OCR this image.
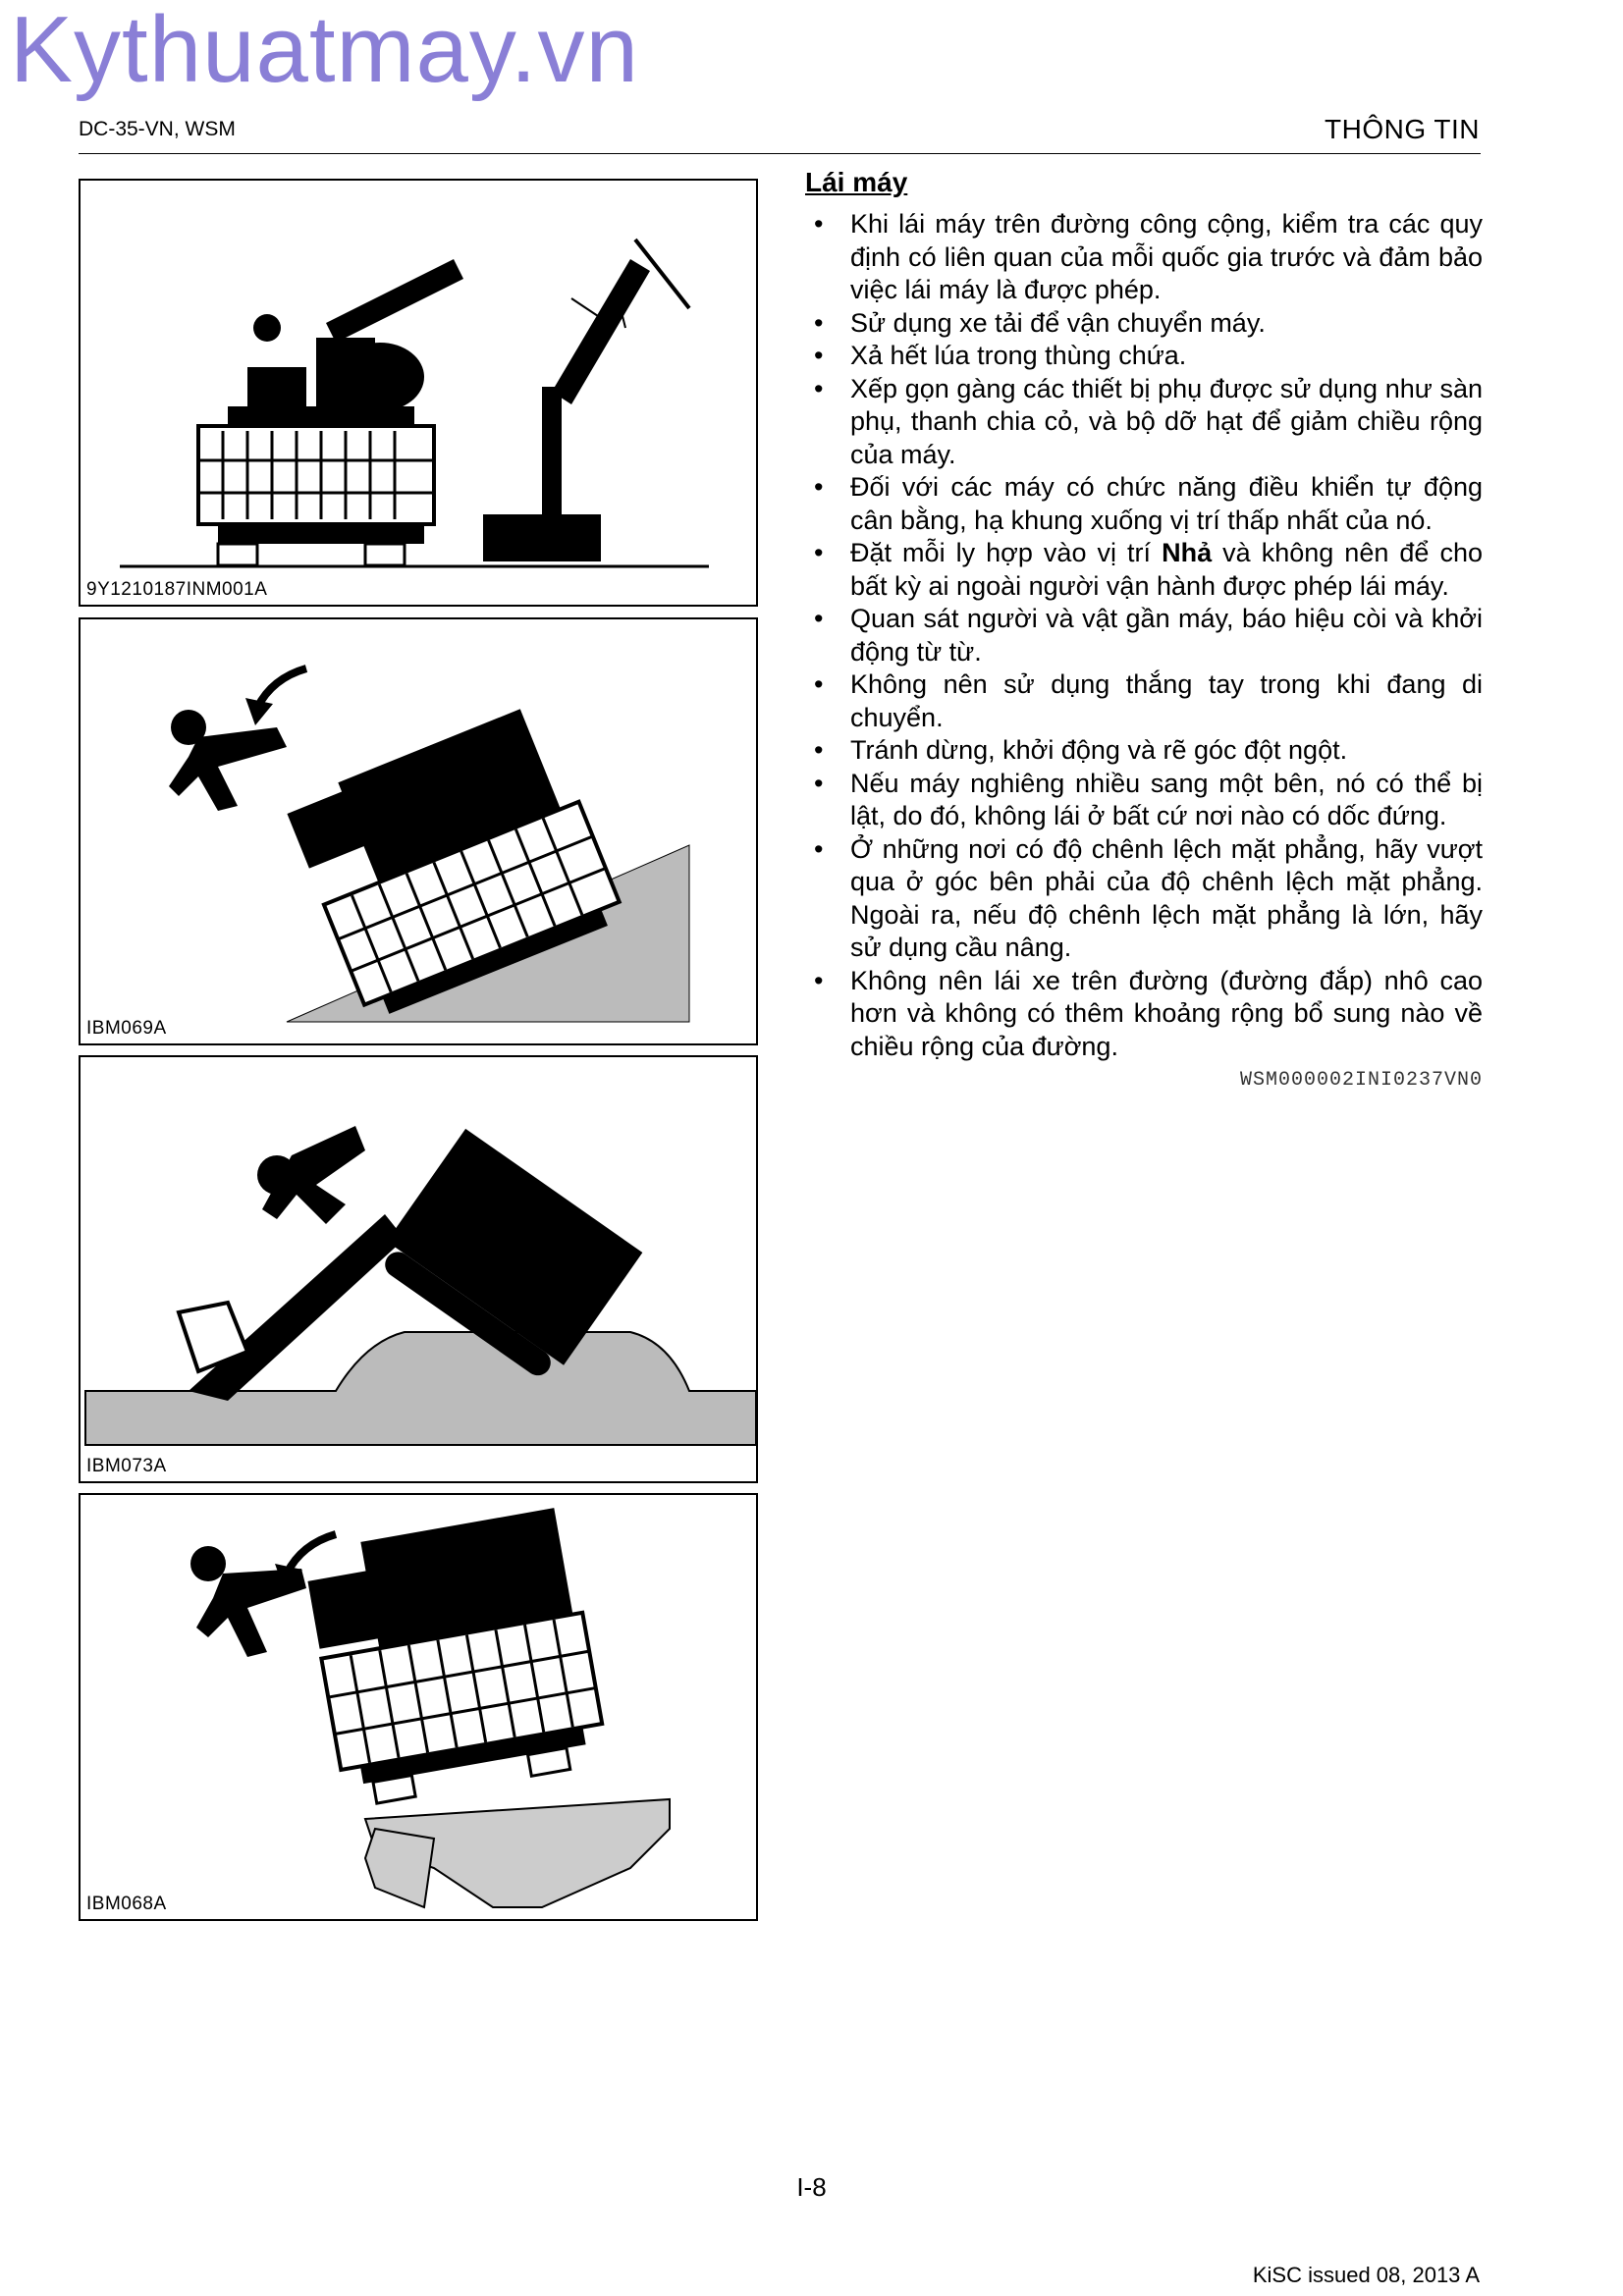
Kythuatmay.vn
DC-35-VN, WSM	THÔNG TIN
9Y1210187INM001A
IBM069A
IBM073A
IBM068A
Lái máy
• Khi lái máy trên đường công cộng, kiểm tra các quy định có liên quan của mỗi quốc gia trước và đảm bảo việc lái máy là được phép.
• Sử dụng xe tải để vận chuyển máy.
• Xả hết lúa trong thùng chứa.
• Xếp gọn gàng các thiết bị phụ được sử dụng như sàn phụ, thanh chia cỏ, và bộ dỡ hạt để giảm chiều rộng của máy.
• Đối với các máy có chức năng điều khiển tự động cân bằng, hạ khung xuống vị trí thấp nhất của nó.
• Đặt mỗi ly hợp vào vị trí Nhả và không nên để cho bất kỳ ai ngoài người vận hành được phép lái máy.
• Quan sát người và vật gần máy, báo hiệu còi và khởi động từ từ.
• Không nên sử dụng thắng tay trong khi đang di chuyển.
• Tránh dừng, khởi động và rẽ góc đột ngột.
• Nếu máy nghiêng nhiều sang một bên, nó có thể bị lật, do đó, không lái ở bất cứ nơi nào có dốc đứng.
• Ở những nơi có độ chênh lệch mặt phẳng, hãy vượt qua ở góc bên phải của độ chênh lệch mặt phẳng. Ngoài ra, nếu độ chênh lệch mặt phẳng là lớn, hãy sử dụng cầu nâng.
• Không nên lái xe trên đường (đường đắp) nhô cao hơn và không có thêm khoảng rộng bổ sung nào về chiều rộng của đường.
WSM000002INI0237VN0
I-8
KiSC issued 08, 2013 A
